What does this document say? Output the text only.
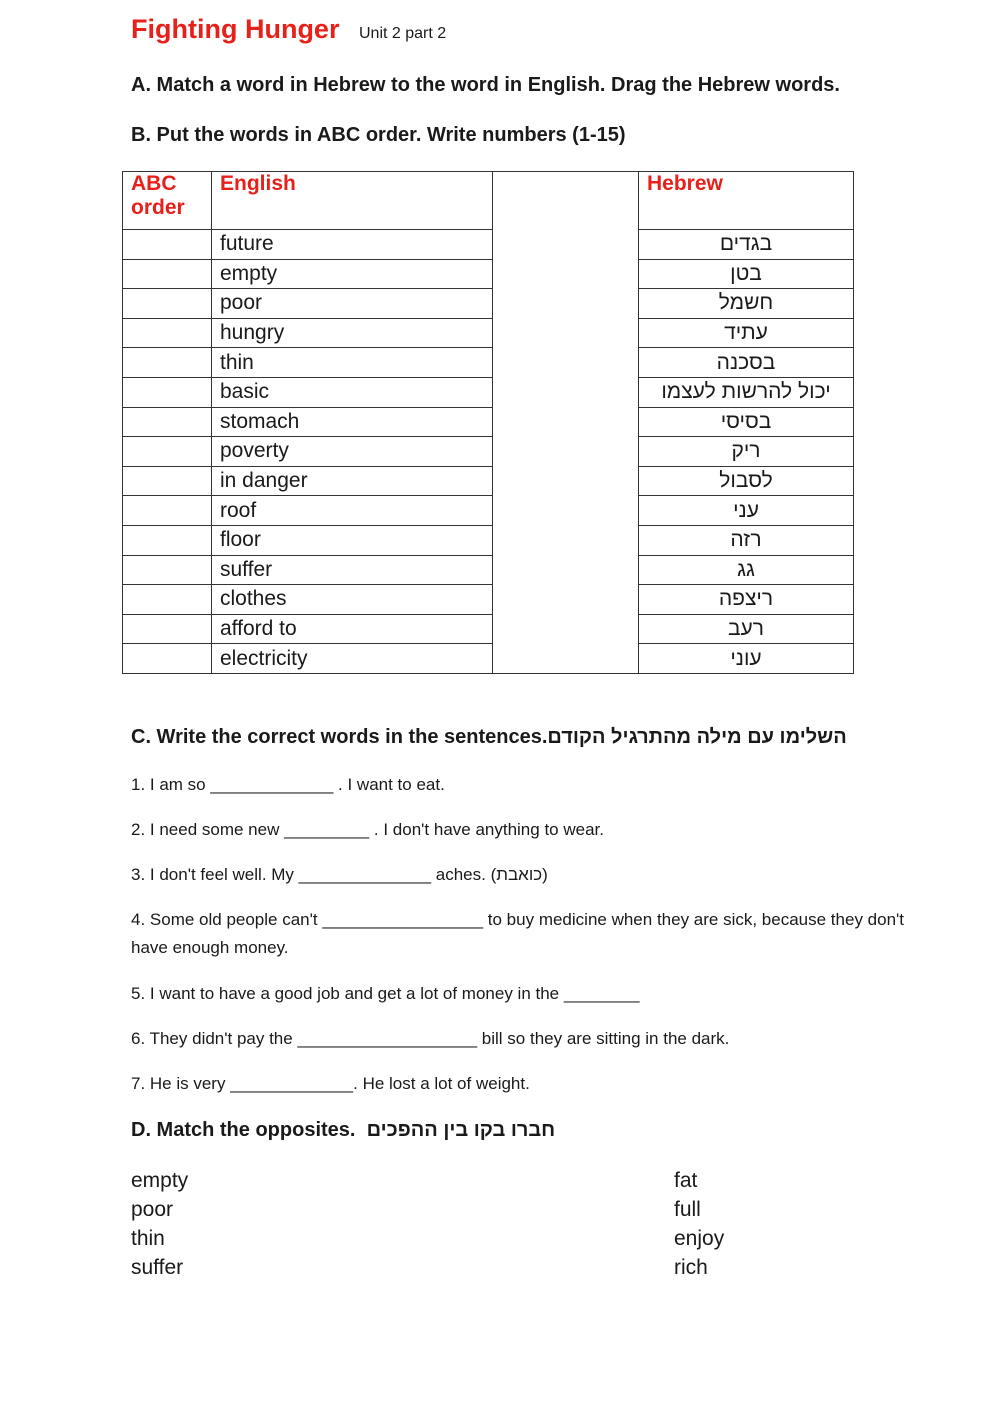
Fighting Hunger Unit 2 part 2
A. Match a word in Hebrew to the word in English. Drag the Hebrew words.
B. Put the words in ABC order. Write numbers (1-15)
ABC order	English		Hebrew
	future		בגדים
	empty		בטן
	poor		חשמל
	hungry		עתיד
	thin		בסכנה
	basic		יכול להרשות לעצמו
	stomach		בסיסי
	poverty		ריק
	in danger		לסבול
	roof		עני
	floor		רזה
	suffer		גג
	clothes		ריצפה
	afford to		רעב
	electricity		עוני
C. Write the correct words in the sentences.השלימו עם מילה מהתרגיל הקודם
1. I am so _____________ . I want to eat.
2. I need some new _________ . I don't have anything to wear.
3. I don't feel well. My ______________ aches. (כואבת)
4. Some old people can't _________________ to buy medicine when they are sick, because they don't have enough money.
5. I want to have a good job and get a lot of money in the ________
6. They didn't pay the ___________________ bill so they are sitting in the dark.
7. He is very _____________. He lost a lot of weight.
D. Match the opposites. חברו בקו בין ההפכים
empty
poor
thin
suffer
fat
full
enjoy
rich
